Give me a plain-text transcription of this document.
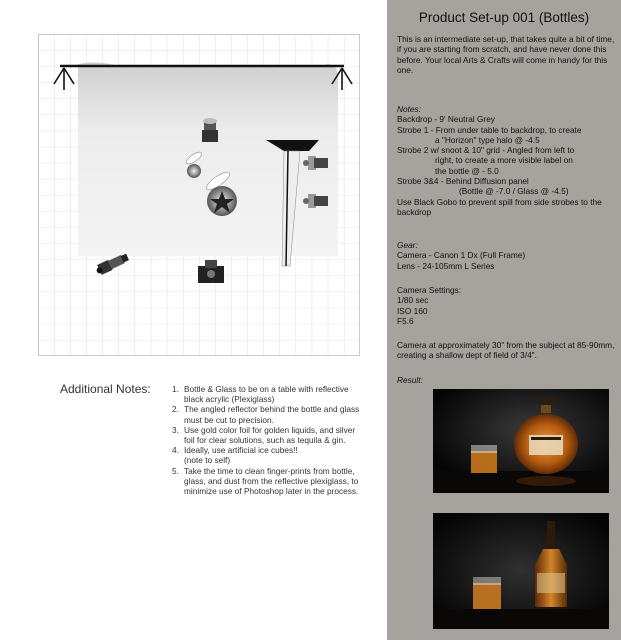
Additional Notes:	1. Bottle & Glass to be on a table with reflective black acrylic (Plexiglass)
2. The angled reflector behind the bottle and glass must be cut to precision.
3. Use gold color foil for golden liquids, and silver foil for clear solutions, such as tequila & gin.
4. Ideally, use artificial ice cubes!!
(note to self)
5. Take the time to clean finger-prints from bottle, glass, and dust from the reflective plexiglass, to minimize use of Photoshop later in the process.
Product Set-up 001 (Bottles)
This is an intermediate set-up, that takes quite a bit of time, if you are starting from scratch, and have never done this before. Your local Arts & Crafts will come in handy for this one.
Notes:
Backdrop - 9' Neutral Grey
Strobe 1 - From under table to backdrop, to create
a "Horizon" type halo @ -4.5
Strobe 2 w/ snoot & 10" grid - Angled from left to
right, to create a more visible label on
the bottle @ - 5.0
Strobe 3&4 - Behind Diffusion panel
(Bottle @ -7.0 / Glass @ -4.5)
Use Black Gobo to prevent spill from side strobes to the backdrop
Gear:
Camera - Canon 1 Dx (Full Frame)
Lens - 24-105mm L Series
Camera Settings:
1/80 sec
ISO 160
F5.6
Camera at approximately 30" from the subject at 85-90mm, creating a shallow dept of field of 3/4".
Result:
